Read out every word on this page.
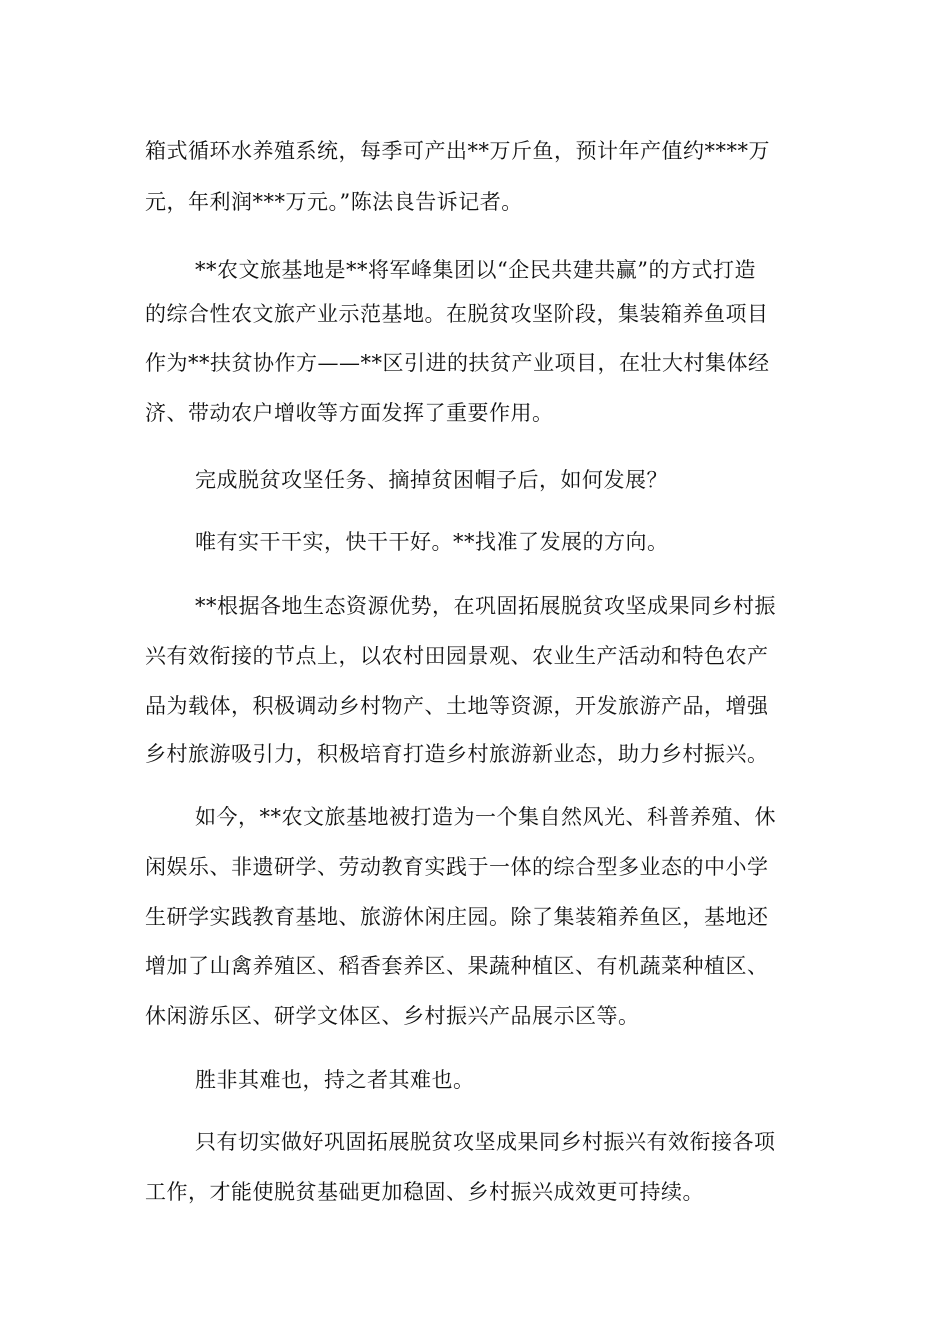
箱式循环水养殖系统，每季可产出**万斤鱼，预计年产值约****万

元，年利润***万元。”陈法良告诉记者。

**农文旅基地是**将军峰集团以“企民共建共赢”的方式打造

的综合性农文旅产业示范基地。在脱贫攻坚阶段，集装箱养鱼项目

作为**扶贫协作方——**区引进的扶贫产业项目，在壮大村集体经

济、带动农户增收等方面发挥了重要作用。

完成脱贫攻坚任务、摘掉贫困帽子后，如何发展？

唯有实干干实，快干干好。**找准了发展的方向。

**根据各地生态资源优势，在巩固拓展脱贫攻坚成果同乡村振

兴有效衔接的节点上，以农村田园景观、农业生产活动和特色农产

品为载体，积极调动乡村物产、土地等资源，开发旅游产品，增强

乡村旅游吸引力，积极培育打造乡村旅游新业态，助力乡村振兴。

如今，**农文旅基地被打造为一个集自然风光、科普养殖、休

闲娱乐、非遗研学、劳动教育实践于一体的综合型多业态的中小学

生研学实践教育基地、旅游休闲庄园。除了集装箱养鱼区，基地还

增加了山禽养殖区、稻香套养区、果蔬种植区、有机蔬菜种植区、

休闲游乐区、研学文体区、乡村振兴产品展示区等。

胜非其难也，持之者其难也。

只有切实做好巩固拓展脱贫攻坚成果同乡村振兴有效衔接各项

工作，才能使脱贫基础更加稳固、乡村振兴成效更可持续。
